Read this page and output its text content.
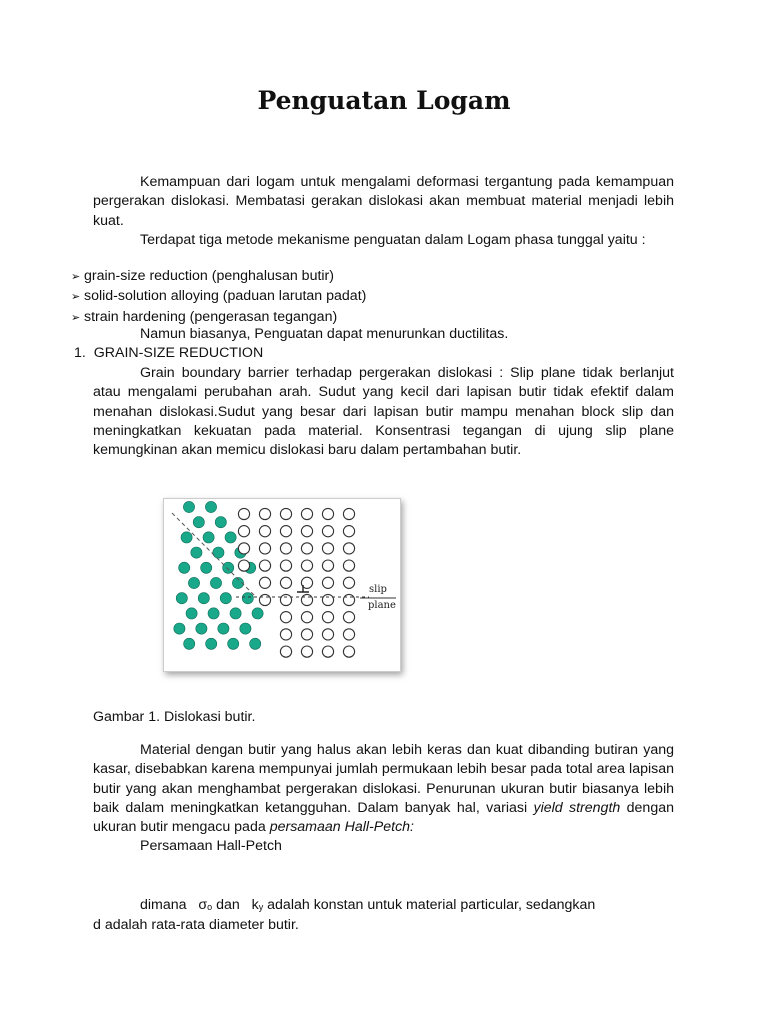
Penguatan Logam
Kemampuan dari logam untuk mengalami deformasi tergantung pada kemampuan pergerakan dislokasi. Membatasi gerakan dislokasi akan membuat material menjadi lebih kuat.
Terdapat tiga metode mekanisme penguatan dalam Logam phasa tunggal yaitu :
➢ grain-size reduction (penghalusan butir)
➢ solid-solution alloying (paduan larutan padat)
➢ strain hardening (pengerasan tegangan)
Namun biasanya, Penguatan dapat menurunkan ductilitas.
1. GRAIN-SIZE REDUCTION
Grain boundary barrier terhadap pergerakan dislokasi : Slip plane tidak berlanjut atau mengalami perubahan arah. Sudut yang kecil dari lapisan butir tidak efektif dalam menahan dislokasi.Sudut yang besar dari lapisan butir mampu menahan block slip dan meningkatkan kekuatan pada material. Konsentrasi tegangan di ujung slip plane kemungkinan akan memicu dislokasi baru dalam pertambahan butir.
slip
plane
Gambar 1. Dislokasi butir.
Material dengan butir yang halus akan lebih keras dan kuat dibanding butiran yang kasar, disebabkan karena mempunyai jumlah permukaan lebih besar pada total area lapisan butir yang akan menghambat pergerakan dislokasi. Penurunan ukuran butir biasanya lebih baik dalam meningkatkan ketangguhan. Dalam banyak hal, variasi yield strength dengan ukuran butir mengacu pada persamaan Hall-Petch:
Persamaan Hall-Petch
dimana σo dan ky adalah konstan untuk material particular, sedangkan
d adalah rata-rata diameter butir.
